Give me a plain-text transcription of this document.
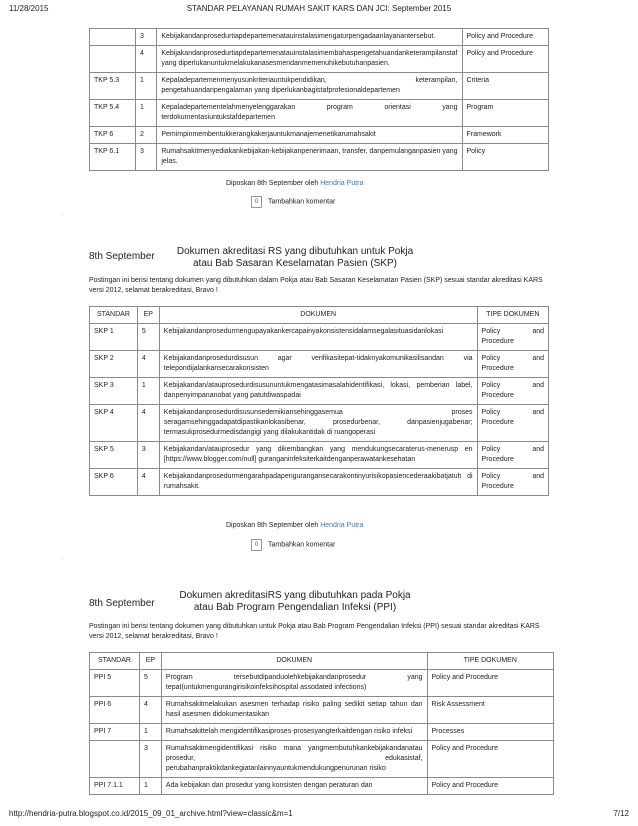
11/28/2015	STANDAR PELAYANAN RUMAH SAKIT KARS DAN JCI: September 2015
	3	Kebijakandanprosedurtiapdepartemenatauinstalasimengaturpengadaanlayanantersebut.	Policy and Procedure
	4	Kebijakandanprosedurtiapdepartemenatauinstalasimembahaspengetahuandanketerampilanstaf yang diperlukanuntukmelakukanasesmendanmemenuhikebutuhanpasien.	Policy and Procedure
TKP 5.3	1	Kepaladepartemenmenyusunkriteriauntukpendidikan, keterampilan, pengetahuandanpengalaman yang diperlukanbagistafprofesionaldepartemen	Criteria
TKP 5.4	1	Kepaladepartementelahmenyelenggarakan program orientasi yang terdokumentasiuntukstafdepartemen	Program
TKP 6	2	Pemimpinmembentukkerangkakerjauntukmanajemenetikarumahsakit	Framework
TKP 6.1	3	Rumahsakitmenyediakankebijakan-kebijakanpenerimaan, transfer, danpemulanganpasien yang jelas.	Policy
Diposkan 8th September oleh Hendria Putra
0 Tambahkan komentar
-
8th September	Dokumen akreditasi RS yang dibutuhkan untuk Pokja atau Bab Sasaran Keselamatan Pasien (SKP)
Postingan ini berisi tentang dokumen yang dibutuhkan dalam Pokja atau Bab Sasaran Keselamatan Pasien (SKP) sesuai standar akreditasi KARS versi 2012, selamat berakreditasi, Bravo !
STANDAR	EP	DOKUMEN	TIPE DOKUMEN
SKP 1	5	Kebijakandanprosedurmengupayakankercapainyakonsistensidalamsegalasituasidanlokasi	Policy and Procedure
SKP 2	4	Kebijakandanprosedurdisusun agar verifikasitepat-tidaknyakomunikasilisandan via telepondijalankansecarakonsisten	Policy and Procedure
SKP 3	1	Kebijakandan/atauprosedurdisusununtukmengatasimasalahidentifikasi, lokasi, pemberian label, danpenyimpananobat yang patutdiwaspadai	Policy and Procedure
SKP 4	4	Kebijakandanprosedurdisusunsedemikiansehinggasemua proses seragamsehinggadapatdipastikanlokasibenar, prosedurbenar, danpasienjugabenar; termasukprosedurmedisdangigi yang dilakukantidak di ruangoperasi	Policy and Procedure
SKP 5	3	Kebijakandan/atauprosedur yang dikembangkan yang mendukungsecaraterus-menerusp en [https://www.blogger.com/null] guranganinfeksiterkaitdenganperawatankesehatan	Policy and Procedure
SKP 6	4	Kebijakandanprosedurmengarahpadapengurangansecarakontinyurisikopasiencederaakibatjatuh di rumahsakit.	Policy and Procedure
Diposkan 8th September oleh Hendria Putra
0 Tambahkan komentar
-
8th September
Dokumen akreditasiRS yang dibutuhkan pada Pokja atau Bab Program Pengendalian Infeksi (PPI)
Postingan ini berisi tentang dokumen yang dibutuhkan untuk Pokja atau Bab Program Pengendalian Infeksi (PPI) sesuai standar akreditasi KARS versi 2012, selamat berakreditasi, Bravo !
STANDAR	EP	DOKUMEN	TIPE DOKUMEN
PPI 5	5	Program tersebutdipanduolehkebijakandanprosedur yang tepat(untukmengurangirisikoinfeksihospital assodated infections)	Policy and Procedure
PPI 6	4	Rumahsakitmelakukan asesmen terhadap risiko paling sedikit setiap tahun dan hasil asesmen didokumentasikan	Risk Assessment
PPI 7	1	Rumahsakittelah mengidentifikasiproses-prosesyangterkaitdengan risiko infeksi	Processes
	3	Rumahsakitmengidentifikasi risiko mana yangmembutuhkankebijakandanatau prosedur, edukasistaf, perubahanpraktikdankegiatanlainnyauntukmendukungpenurunan risiko	Policy and Procedure
PPI 7.1.1	1	Ada kebijakan dan prosedur yang konsisten dengan peraturan dan	Policy and Procedure
http://hendria-putra.blogspot.co.id/2015_09_01_archive.html?view=classic&m=1	7/12
